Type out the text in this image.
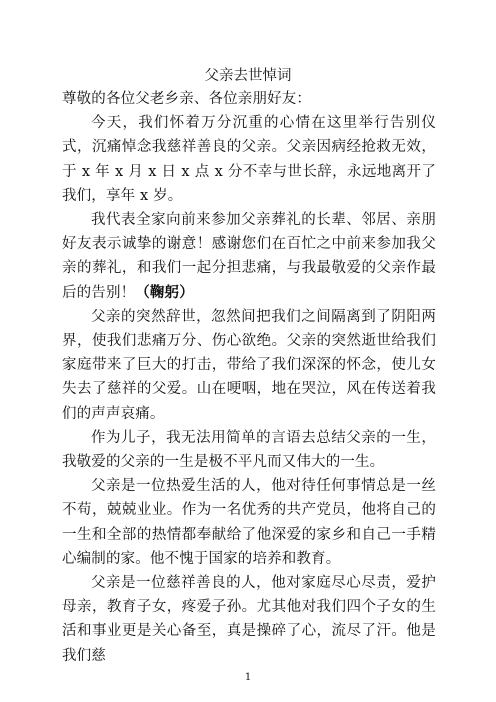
父亲去世悼词

尊敬的各位父老乡亲、各位亲朋好友：

今天，我们怀着万分沉重的心情在这里举行告别仪式，沉痛悼念我慈祥善良的父亲。父亲因病经抢救无效，于 x 年 x 月 x 日 x 点 x 分不幸与世长辞，永远地离开了我们，享年 x 岁。

我代表全家向前来参加父亲葬礼的长辈、邻居、亲朋好友表示诚挚的谢意！感谢您们在百忙之中前来参加我父亲的葬礼，和我们一起分担悲痛，与我最敬爱的父亲作最后的告别！（鞠躬）

父亲的突然辞世，忽然间把我们之间隔离到了阴阳两界，使我们悲痛万分、伤心欲绝。父亲的突然逝世给我们家庭带来了巨大的打击，带给了我们深深的怀念，使儿女失去了慈祥的父爱。山在哽咽，地在哭泣，风在传送着我们的声声哀痛。

作为儿子，我无法用简单的言语去总结父亲的一生，我敬爱的父亲的一生是极不平凡而又伟大的一生。

父亲是一位热爱生活的人，他对待任何事情总是一丝不苟，兢兢业业。作为一名优秀的共产党员，他将自己的一生和全部的热情都奉献给了他深爱的家乡和自己一手精心编制的家。他不愧于国家的培养和教育。

父亲是一位慈祥善良的人，他对家庭尽心尽责，爱护母亲，教育子女，疼爱子孙。尤其他对我们四个子女的生活和事业更是关心备至，真是操碎了心，流尽了汗。他是我们慈

1
